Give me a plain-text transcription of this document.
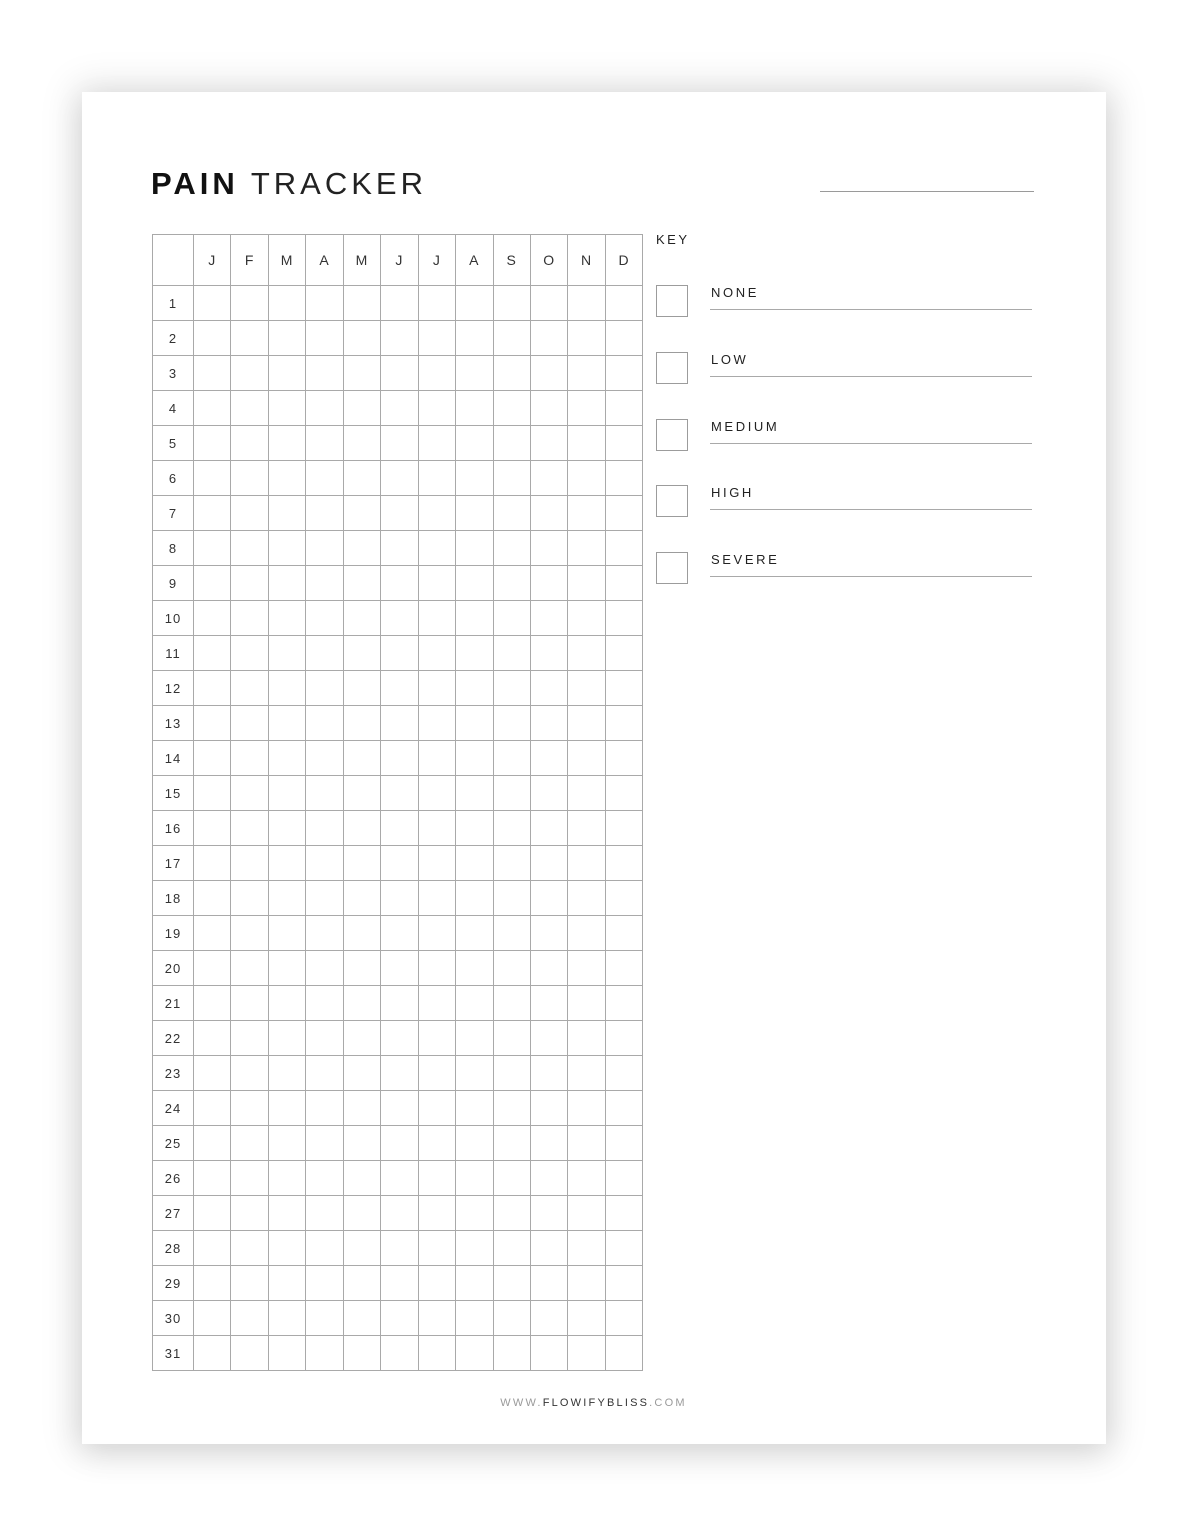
PAIN TRACKER
	J	F	M	A	M	J	J	A	S	O	N	D
1												
2												
3												
4												
5												
6												
7												
8												
9												
10												
11												
12												
13												
14												
15												
16												
17												
18												
19												
20												
21												
22												
23												
24												
25												
26												
27												
28												
29												
30												
31												
KEY
NONE
LOW
MEDIUM
HIGH
SEVERE
WWW.FLOWIFYBLISS.COM
